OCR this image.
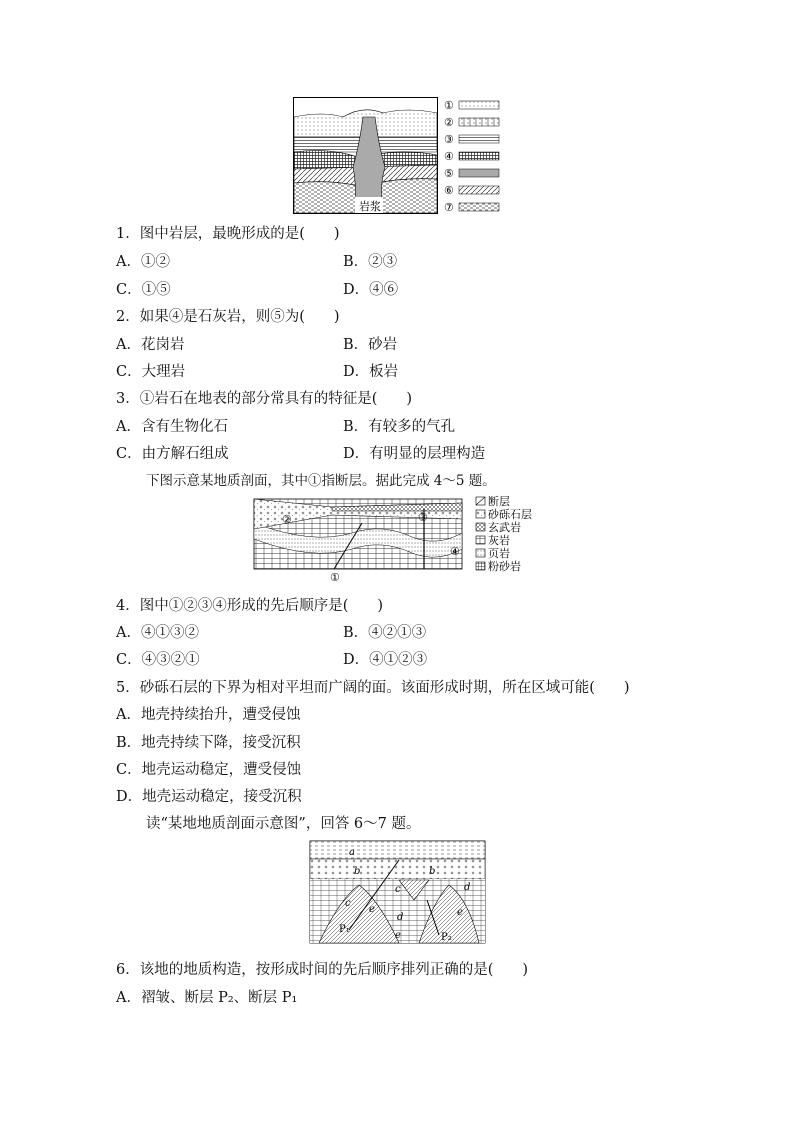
岩浆
①
②
③
④
⑤
⑥
⑦
1．图中岩层，最晚形成的是(　　)
A．①②	B．②③
C．①⑤	D．④⑥
2．如果④是石灰岩，则⑤为(　　)
A．花岗岩	B．砂岩
C．大理岩	D．板岩
3．①岩石在地表的部分常具有的特征是(　　)
A．含有生物化石	B．有较多的气孔
C．由方解石组成	D．有明显的层理构造
下图示意某地质剖面，其中①指断层。据此完成 4～5 题。
②	③
④
①
断层
砂砾石层
玄武岩
灰岩
页岩
粉砂岩
4．图中①②③④形成的先后顺序是(　　)
A．④①③②	B．④②①③
C．④③②①	D．④①②③
5．砂砾石层的下界为相对平坦而广阔的面。该面形成时期，所在区域可能(　　)
A．地壳持续抬升，遭受侵蚀
B．地壳持续下降，接受沉积
C．地壳运动稳定，遭受侵蚀
D．地壳运动稳定，接受沉积
读“某地地质剖面示意图”，回答 6～7 题。
a
b	b
c
d
d
e
e
e
c
P₁
P₂
6．该地的地质构造，按形成时间的先后顺序排列正确的是(　　)
A．褶皱、断层 P₂、断层 P₁
